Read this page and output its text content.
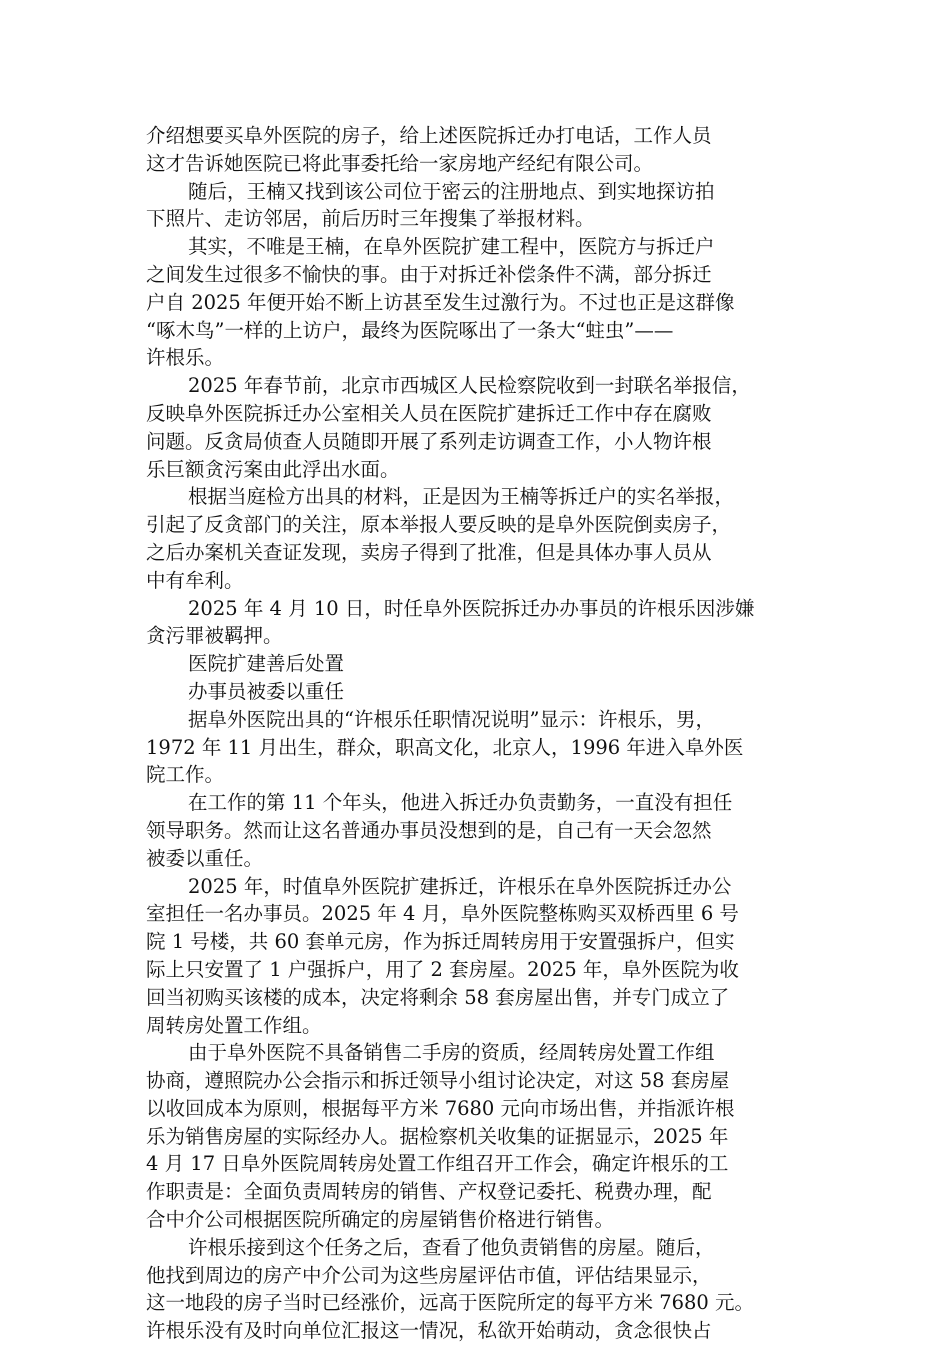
介绍想要买阜外医院的房子，给上述医院拆迁办打电话，工作人员
这才告诉她医院已将此事委托给一家房地产经纪有限公司。
随后，王楠又找到该公司位于密云的注册地点、到实地探访拍
下照片、走访邻居，前后历时三年搜集了举报材料。
其实，不唯是王楠，在阜外医院扩建工程中，医院方与拆迁户
之间发生过很多不愉快的事。由于对拆迁补偿条件不满，部分拆迁
户自 2025 年便开始不断上访甚至发生过激行为。不过也正是这群像
“啄木鸟”一样的上访户，最终为医院啄出了一条大“蛀虫”——
许根乐。
2025 年春节前，北京市西城区人民检察院收到一封联名举报信，
反映阜外医院拆迁办公室相关人员在医院扩建拆迁工作中存在腐败
问题。反贪局侦查人员随即开展了系列走访调查工作，小人物许根
乐巨额贪污案由此浮出水面。
根据当庭检方出具的材料，正是因为王楠等拆迁户的实名举报，
引起了反贪部门的关注，原本举报人要反映的是阜外医院倒卖房子，
之后办案机关查证发现，卖房子得到了批准，但是具体办事人员从
中有牟利。
2025 年 4 月 10 日，时任阜外医院拆迁办办事员的许根乐因涉嫌
贪污罪被羁押。
医院扩建善后处置
办事员被委以重任
据阜外医院出具的“许根乐任职情况说明”显示：许根乐，男，
1972 年 11 月出生，群众，职高文化，北京人，1996 年进入阜外医
院工作。
在工作的第 11 个年头，他进入拆迁办负责勤务，一直没有担任
领导职务。然而让这名普通办事员没想到的是，自己有一天会忽然
被委以重任。
2025 年，时值阜外医院扩建拆迁，许根乐在阜外医院拆迁办公
室担任一名办事员。2025 年 4 月，阜外医院整栋购买双桥西里 6 号
院 1 号楼，共 60 套单元房，作为拆迁周转房用于安置强拆户，但实
际上只安置了 1 户强拆户，用了 2 套房屋。2025 年，阜外医院为收
回当初购买该楼的成本，决定将剩余 58 套房屋出售，并专门成立了
周转房处置工作组。
由于阜外医院不具备销售二手房的资质，经周转房处置工作组
协商，遵照院办公会指示和拆迁领导小组讨论决定，对这 58 套房屋
以收回成本为原则，根据每平方米 7680 元向市场出售，并指派许根
乐为销售房屋的实际经办人。据检察机关收集的证据显示，2025 年
4 月 17 日阜外医院周转房处置工作组召开工作会，确定许根乐的工
作职责是：全面负责周转房的销售、产权登记委托、税费办理，配
合中介公司根据医院所确定的房屋销售价格进行销售。
许根乐接到这个任务之后，查看了他负责销售的房屋。随后，
他找到周边的房产中介公司为这些房屋评估市值，评估结果显示，
这一地段的房子当时已经涨价，远高于医院所定的每平方米 7680 元。
许根乐没有及时向单位汇报这一情况，私欲开始萌动，贪念很快占
